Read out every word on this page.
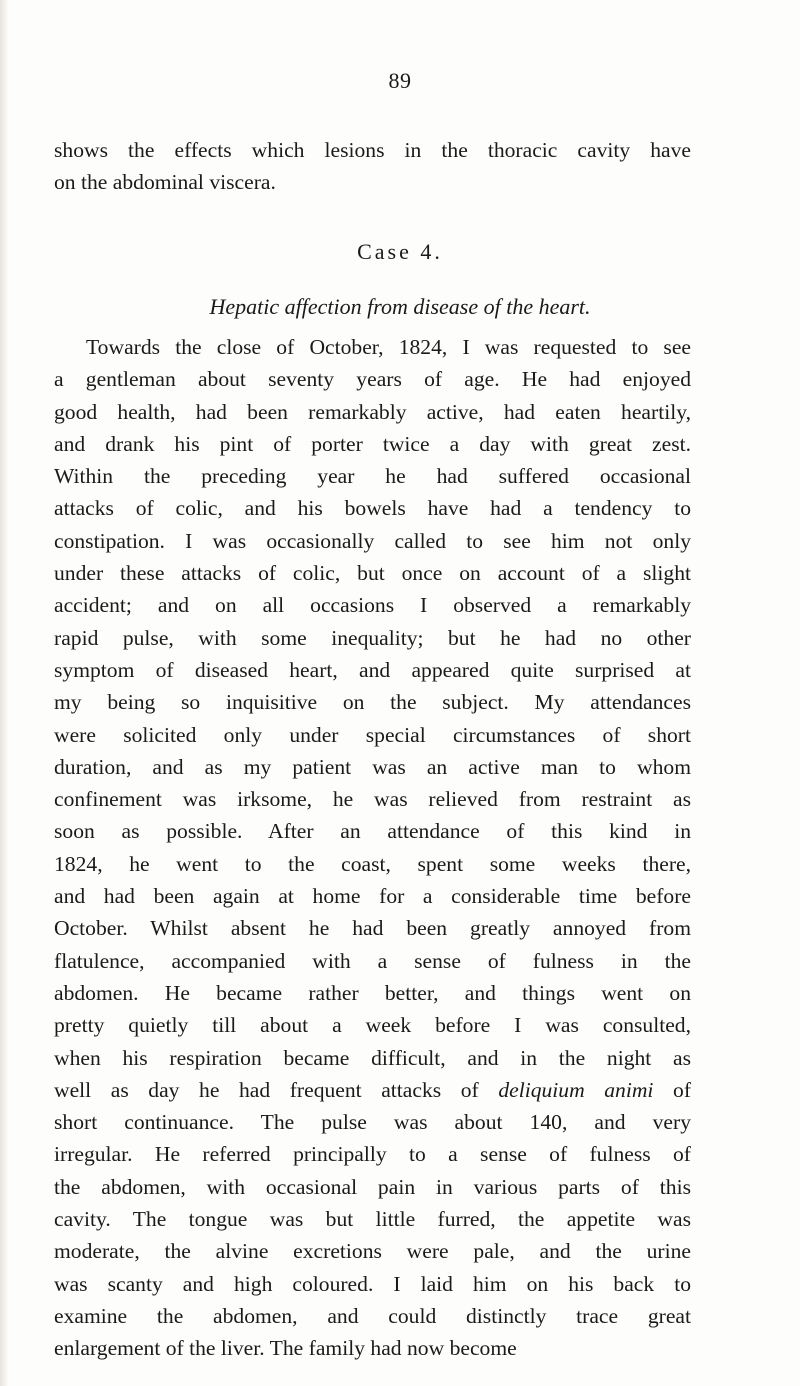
89
shows the effects which lesions in the thoracic cavity have
on the abdominal viscera.
Case 4.
Hepatic affection from disease of the heart.
Towards the close of October, 1824, I was requested to see
a gentleman about seventy years of age. He had enjoyed
good health, had been remarkably active, had eaten heartily,
and drank his pint of porter twice a day with great zest.
Within the preceding year he had suffered occasional
attacks of colic, and his bowels have had a tendency to
constipation. I was occasionally called to see him not only
under these attacks of colic, but once on account of a slight
accident; and on all occasions I observed a remarkably
rapid pulse, with some inequality; but he had no other
symptom of diseased heart, and appeared quite surprised at
my being so inquisitive on the subject. My attendances
were solicited only under special circumstances of short
duration, and as my patient was an active man to whom
confinement was irksome, he was relieved from restraint as
soon as possible. After an attendance of this kind in
1824, he went to the coast, spent some weeks there,
and had been again at home for a considerable time before
October. Whilst absent he had been greatly annoyed from
flatulence, accompanied with a sense of fulness in the
abdomen. He became rather better, and things went on
pretty quietly till about a week before I was consulted,
when his respiration became difficult, and in the night as
well as day he had frequent attacks of deliquium animi of
short continuance. The pulse was about 140, and very
irregular. He referred principally to a sense of fulness of
the abdomen, with occasional pain in various parts of this
cavity. The tongue was but little furred, the appetite was
moderate, the alvine excretions were pale, and the urine
was scanty and high coloured. I laid him on his back to
examine the abdomen, and could distinctly trace great
enlargement of the liver. The family had now become
